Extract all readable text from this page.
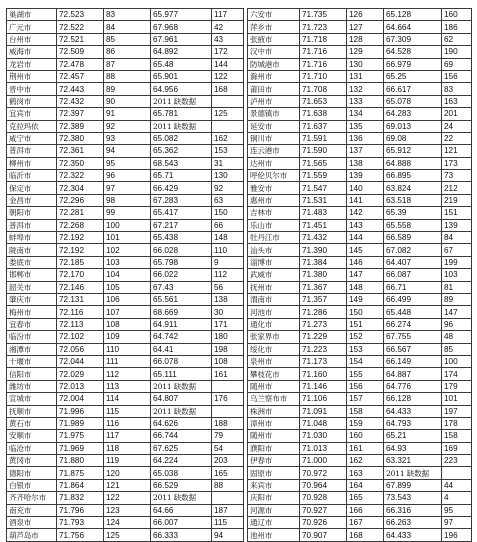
巢湖市	72.523	83	65.977	117
广元市	72.522	84	67.968	42
台州市	72.521	85	67.961	43
威海市	72.509	86	64.892	172
龙岩市	72.478	87	65.48	144
荆州市	72.457	88	65.901	122
晋中市	72.443	89	64.956	168
鹤岗市	72.432	90	2011 缺数据	
宜宾市	72.397	91	65.781	125
克拉玛依	72.389	92	2011 缺数据	
咸宁市	72.380	93	65.082	162
普洱市	72.361	94	65.362	153
柳州市	72.350	95	68.543	31
临沂市	72.322	96	65.71	130
保定市	72.304	97	66.429	92
金昌市	72.296	98	67.283	63
朝阳市	72.281	99	65.417	150
普洱市	72.268	100	67.217	66
蚌埠市	72.192	101	65.438	148
陇南市	72.192	102	66.028	110
娄底市	72.185	103	65.798	9
邯郸市	72.170	104	66.022	112
韶关市	72.146	105	67.43	56
肇庆市	72.131	106	65.561	138
梅州市	72.116	107	68.669	30
宜春市	72.113	108	64.911	171
临汾市	72.102	109	64.742	180
湘潭市	72.056	110	64.41	198
十堰市	72.044	111	66.078	108
信阳市	72.029	112	65.111	161
潍坊市	72.013	113	2011 缺数据	
宣城市	72.004	114	64.807	176
抚顺市	71.996	115	2011 缺数据	
黄石市	71.989	116	64.626	188
安顺市	71.975	117	66.744	79
临沧市	71.969	118	67.625	54
黄冈市	71.880	119	64.224	203
德阳市	71.875	120	65.038	165
白银市	71.864	121	66.529	88
齐齐哈尔市	71.832	122	2011 缺数据	
南充市	71.796	123	64.66	187
酒泉市	71.793	124	66.007	115
葫芦岛市	71.756	125	66.333	94
六安市	71.735	126	65.128	160
萍乡市	71.723	127	64.664	186
张掖市	71.718	128	67.309	62
汉中市	71.716	129	64.528	190
防城港市	71.716	130	66.979	69
滁州市	71.710	131	65.25	156
莆田市	71.708	132	66.617	83
泸州市	71.653	133	65.078	163
景德镇市	71.638	134	64.283	201
延安市	71.637	135	69.013	24
铜川市	71.591	136	69.08	22
连云港市	71.590	137	65.912	121
达州市	71.565	138	64.888	173
呼伦贝尔市	71.559	139	66.895	73
雅安市	71.547	140	63.824	212
惠州市	71.531	141	63.518	219
吉林市	71.483	142	65.39	151
乐山市	71.451	143	65.558	139
牡丹江市	71.432	144	66.589	84
汕头市	71.390	145	67.082	67
淄博市	71.384	146	64.407	199
武威市	71.380	147	66.087	103
抚州市	71.367	148	66.71	81
渭南市	71.357	149	66.499	89
河池市	71.286	150	65.448	147
通化市	71.273	151	66.274	96
张家界市	71.229	152	67.755	48
绥化市	71.223	153	66.567	85
泉州市	71.173	154	66.149	100
攀枝花市	71.160	155	64.887	174
随州市	71.146	156	64.776	179
乌兰察布市	71.106	157	66.128	101
株洲市	71.091	158	64.433	197
漳州市	71.048	159	64.793	178
随州市	71.030	160	65.21	158
濮阳市	71.013	161	64.93	169
伊春市	71.000	162	63.321	223
固原市	70.972	163	2011 缺数据	
来宾市	70.964	164	67.899	44
庆阳市	70.928	165	73.543	4
河源市	70.927	166	66.316	95
通辽市	70.926	167	66.263	97
池州市	70.907	168	64.433	196
